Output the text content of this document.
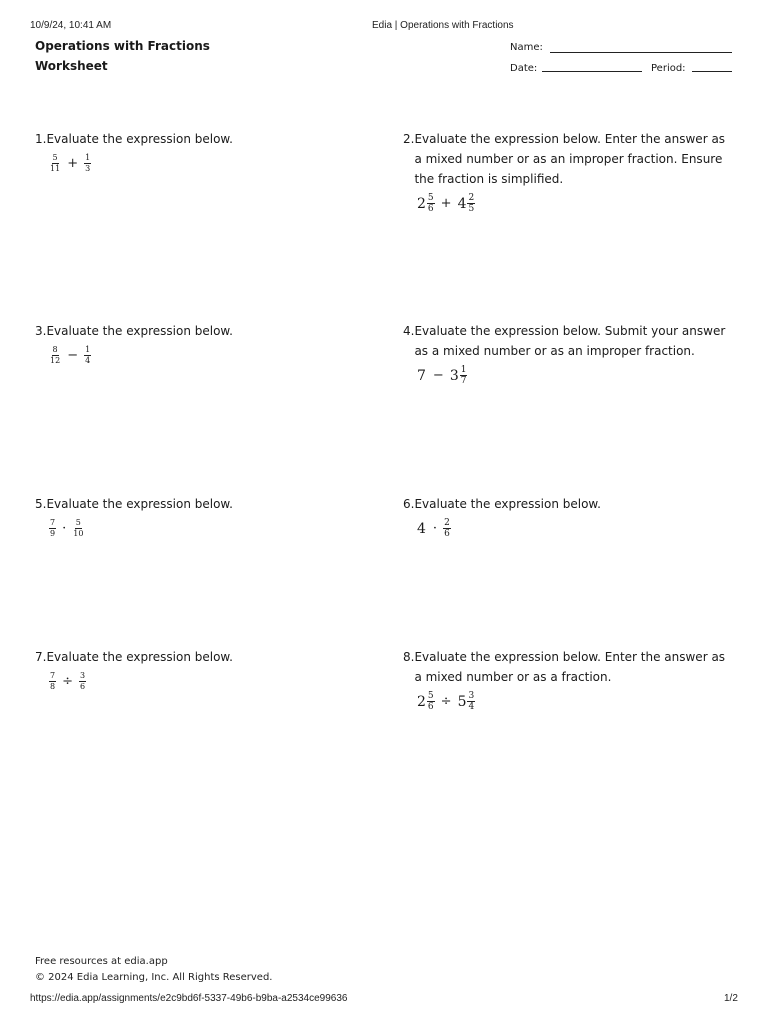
10/9/24, 10:41 AM	Edia | Operations with Fractions
Operations with Fractions
Worksheet
Name:
Date:	Period:
1. Evaluate the expression below.
$\frac{5}{11} + \frac{1}{3}$
2. Evaluate the expression below. Enter the answer as a mixed number or as an improper fraction. Ensure the fraction is simplified.
$2 \frac{5}{6} + 4 \frac{2}{5}$
3. Evaluate the expression below.
$\frac{8}{12} - \frac{1}{4}$
4. Evaluate the expression below. Submit your answer as a mixed number or as an improper fraction.
$7 - 3 \frac{1}{7}$
5. Evaluate the expression below.
$\frac{7}{9} \cdot \frac{5}{10}$
6. Evaluate the expression below.
$4 \cdot \frac{2}{6}$
7. Evaluate the expression below.
$\frac{7}{8} \div \frac{3}{6}$
8. Evaluate the expression below. Enter the answer as a mixed number or as a fraction.
$2 \frac{5}{6} \div 5 \frac{3}{4}$
Free resources at edia.app
© 2024 Edia Learning, Inc. All Rights Reserved.
https://edia.app/assignments/e2c9bd6f-5337-49b6-b9ba-a2534ce99636	1/2
